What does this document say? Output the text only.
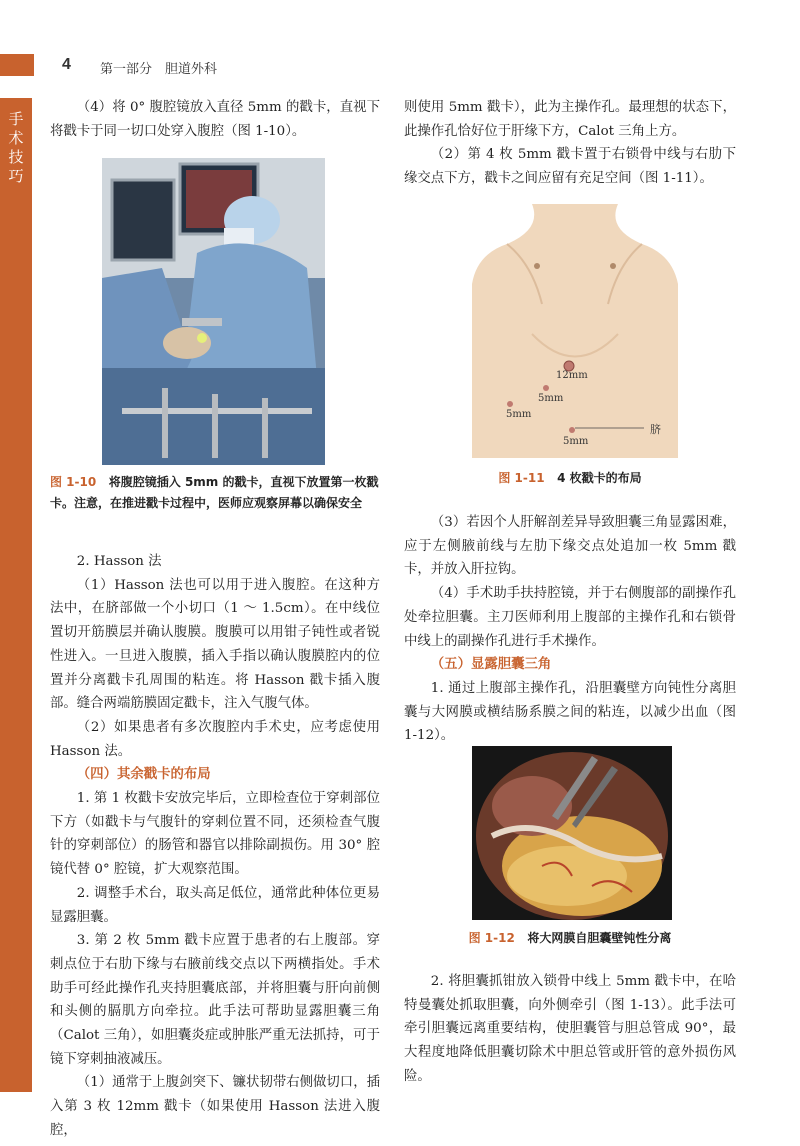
4 第一部分　胆道外科
手术技巧

（4）将 0° 腹腔镜放入直径 5mm 的戳卡，直视下将戳卡于同一切口处穿入腹腔（图 1-10）。

图 1-10 将腹腔镜插入 5mm 的戳卡，直视下放置第一枚戳卡。注意，在推进戳卡过程中，医师应观察屏幕以确保安全

2. Hasson 法

（1）Hasson 法也可以用于进入腹腔。在这种方法中，在脐部做一个小切口（1 ～ 1.5cm）。在中线位置切开筋膜层并确认腹膜。腹膜可以用钳子钝性或者锐性进入。一旦进入腹膜，插入手指以确认腹膜腔内的位置并分离戳卡孔周围的粘连。将 Hasson 戳卡插入腹部。缝合两端筋膜固定戳卡，注入气腹气体。

（2）如果患者有多次腹腔内手术史，应考虑使用 Hasson 法。

（四）其余戳卡的布局

1. 第 1 枚戳卡安放完毕后，立即检查位于穿刺部位下方（如戳卡与气腹针的穿刺位置不同，还须检查气腹针的穿刺部位）的肠管和器官以排除副损伤。用 30° 腔镜代替 0° 腔镜，扩大观察范围。

2. 调整手术台，取头高足低位，通常此种体位更易显露胆囊。

3. 第 2 枚 5mm 戳卡应置于患者的右上腹部。穿刺点位于右肋下缘与右腋前线交点以下两横指处。手术助手可经此操作孔夹持胆囊底部，并将胆囊与肝向前侧和头侧的膈肌方向牵拉。此手法可帮助显露胆囊三角（Calot 三角），如胆囊炎症或肿胀严重无法抓持，可于镜下穿刺抽液减压。

（1）通常于上腹剑突下、镰状韧带右侧做切口，插入第 3 枚 12mm 戳卡（如果使用 Hasson 法进入腹腔，

则使用 5mm 戳卡），此为主操作孔。最理想的状态下，此操作孔恰好位于肝缘下方，Calot 三角上方。

（2）第 4 枚 5mm 戳卡置于右锁骨中线与右肋下缘交点下方，戳卡之间应留有充足空间（图 1-11）。

12mm
5mm
5mm
5mm
脐
图 1-11 4 枚戳卡的布局

（3）若因个人肝解剖差异导致胆囊三角显露困难，应于左侧腋前线与左肋下缘交点处追加一枚 5mm 戳卡，并放入肝拉钩。

（4）手术助手扶持腔镜，并于右侧腹部的副操作孔处牵拉胆囊。主刀医师利用上腹部的主操作孔和右锁骨中线上的副操作孔进行手术操作。

（五）显露胆囊三角

1. 通过上腹部主操作孔，沿胆囊壁方向钝性分离胆囊与大网膜或横结肠系膜之间的粘连，以减少出血（图 1-12）。

图 1-12 将大网膜自胆囊壁钝性分离

2. 将胆囊抓钳放入锁骨中线上 5mm 戳卡中，在哈特曼囊处抓取胆囊，向外侧牵引（图 1-13）。此手法可牵引胆囊远离重要结构，使胆囊管与胆总管成 90°，最大程度地降低胆囊切除术中胆总管或肝管的意外损伤风险。
